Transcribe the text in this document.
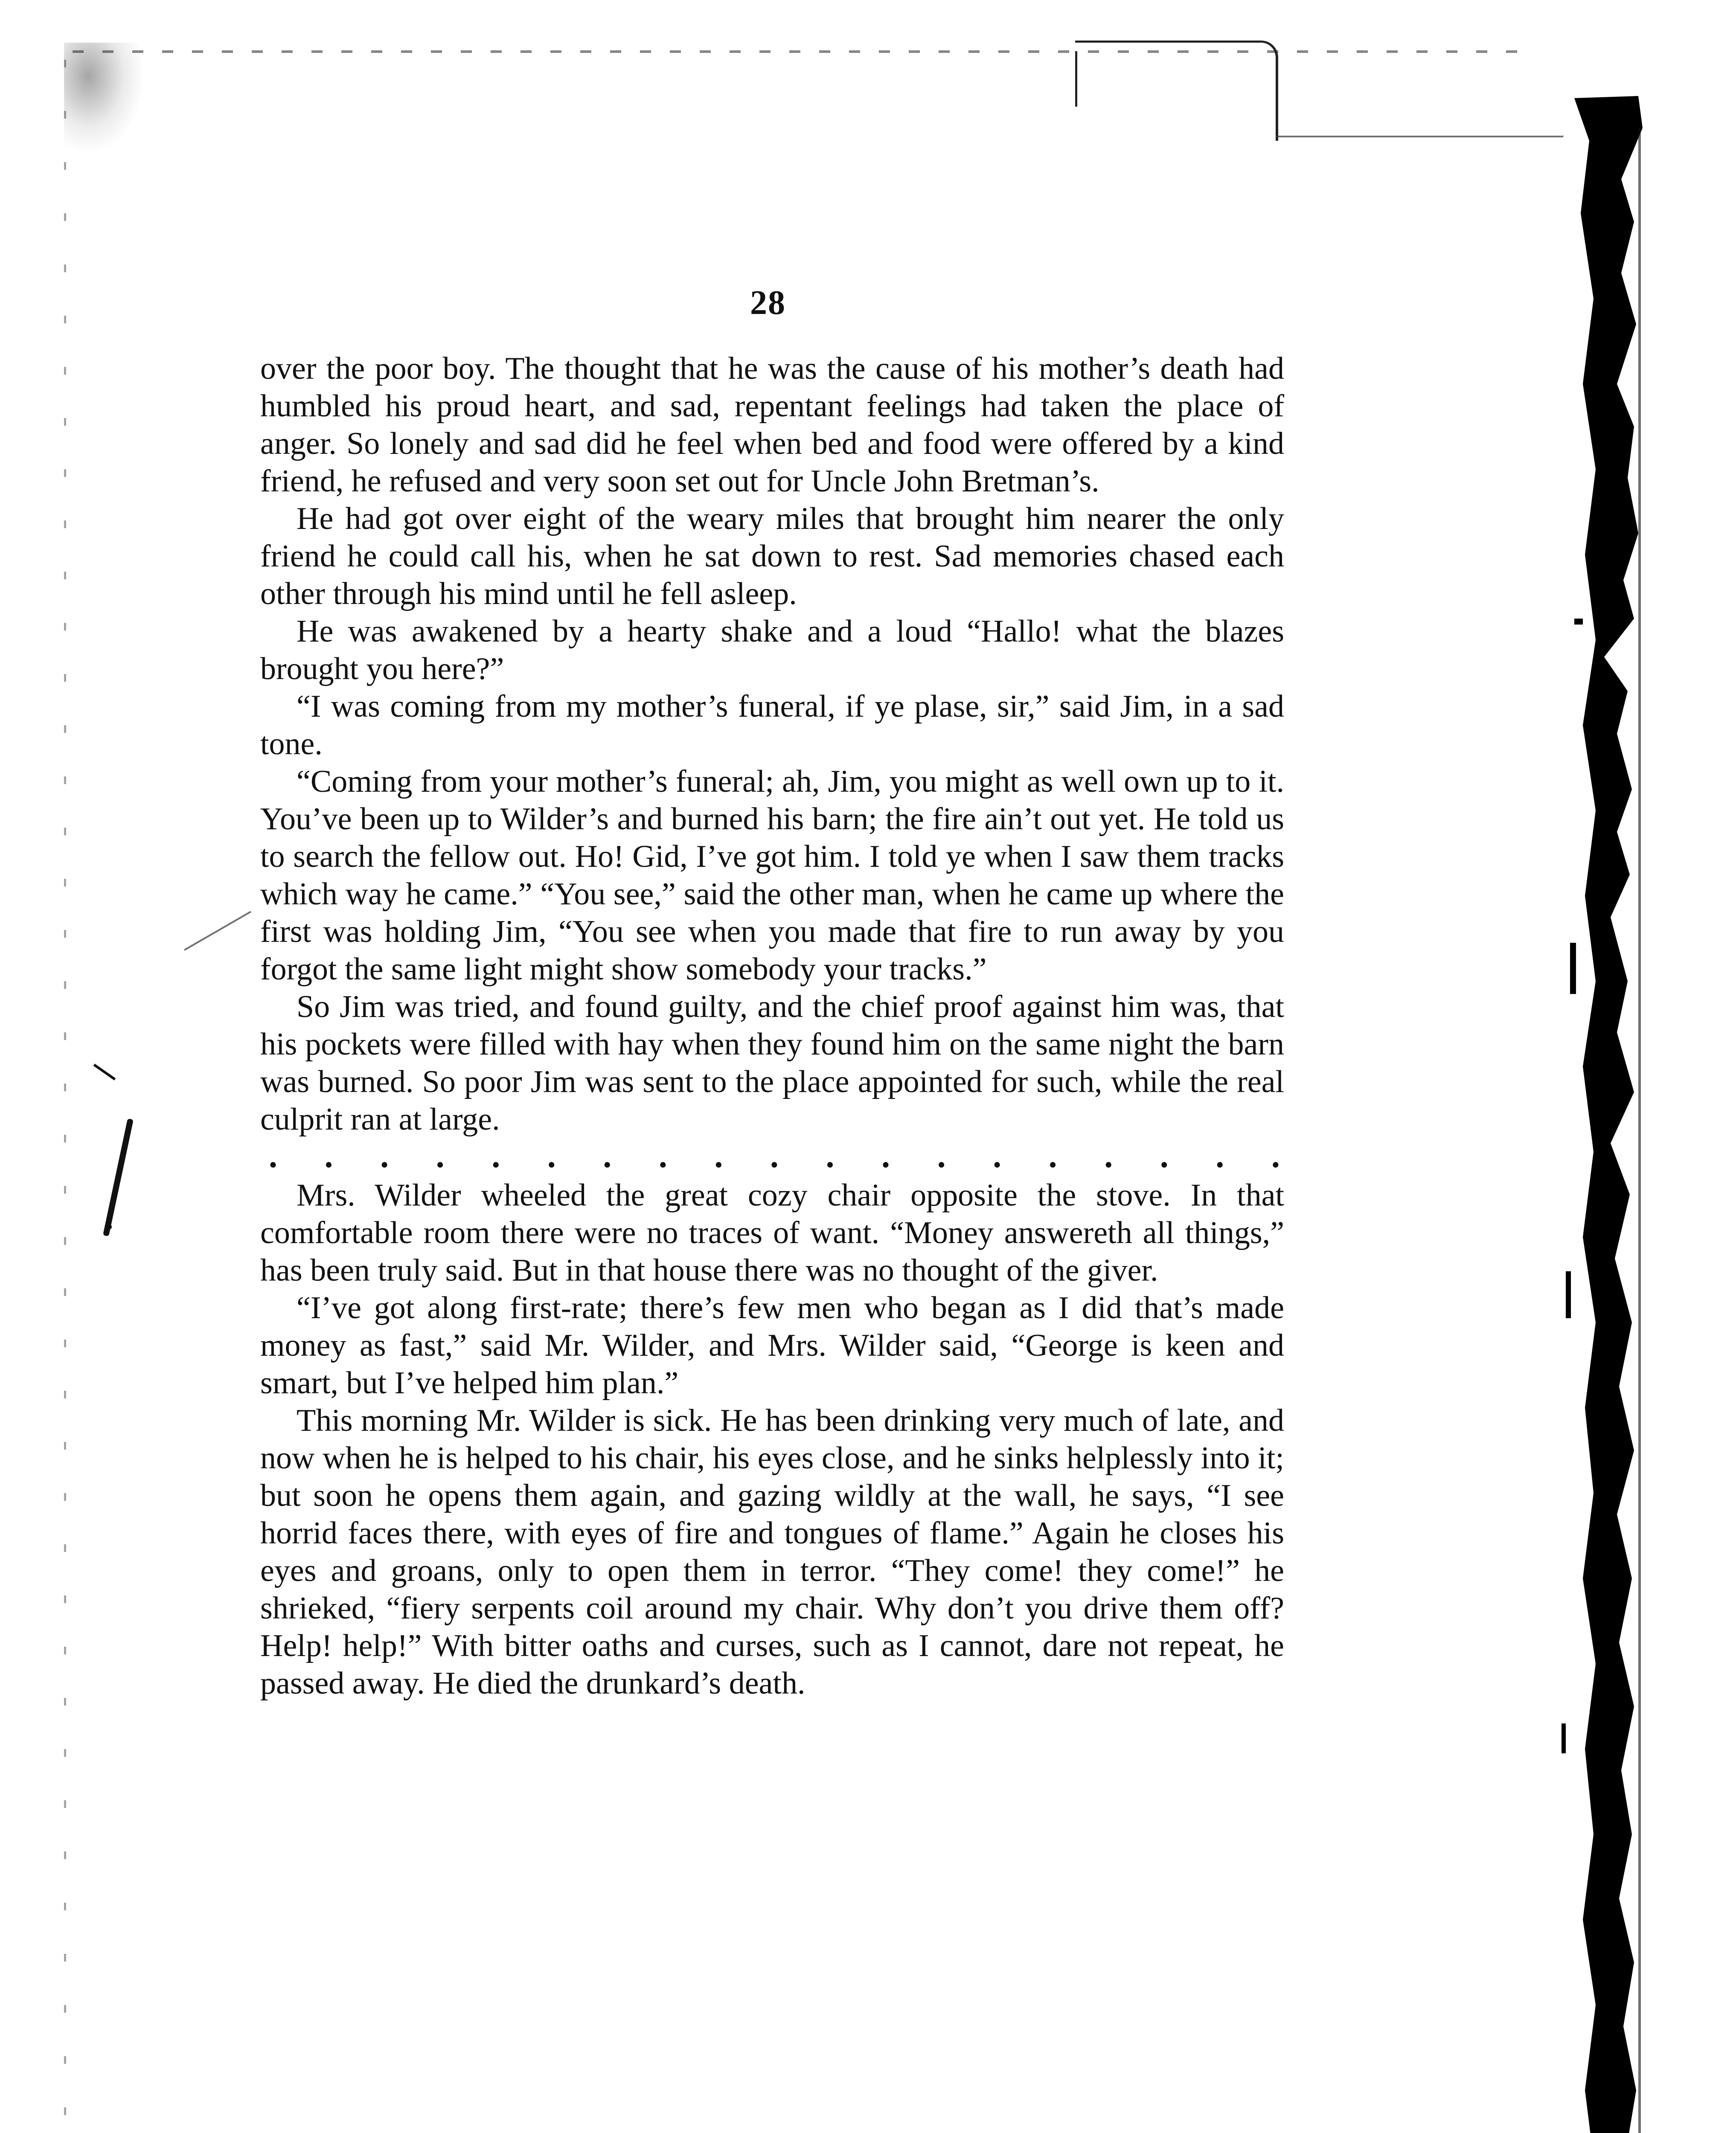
28

over the poor boy. The thought that he was the cause of his mother’s death had humbled his proud heart, and sad, repentant feelings had taken the place of anger. So lonely and sad did he feel when bed and food were offered by a kind friend, he refused and very soon set out for Uncle John Bretman’s.

He had got over eight of the weary miles that brought him nearer the only friend he could call his, when he sat down to rest. Sad memories chased each other through his mind until he fell asleep.

He was awakened by a hearty shake and a loud “Hallo! what the blazes brought you here?”

“I was coming from my mother’s funeral, if ye plase, sir,” said Jim, in a sad tone.

“Coming from your mother’s funeral; ah, Jim, you might as well own up to it. You’ve been up to Wilder’s and burned his barn; the fire ain’t out yet. He told us to search the fellow out. Ho! Gid, I’ve got him. I told ye when I saw them tracks which way he came.” “You see,” said the other man, when he came up where the first was holding Jim, “You see when you made that fire to run away by you forgot the same light might show somebody your tracks.”

So Jim was tried, and found guilty, and the chief proof against him was, that his pockets were filled with hay when they found him on the same night the barn was burned. So poor Jim was sent to the place appointed for such, while the real culprit ran at large.

. . . . . . . . . . . . . . . . . . .

Mrs. Wilder wheeled the great cozy chair opposite the stove. In that comfortable room there were no traces of want. “Money answereth all things,” has been truly said. But in that house there was no thought of the giver.

“I’ve got along first-rate; there’s few men who began as I did that’s made money as fast,” said Mr. Wilder, and Mrs. Wilder said, “George is keen and smart, but I’ve helped him plan.”

This morning Mr. Wilder is sick. He has been drinking very much of late, and now when he is helped to his chair, his eyes close, and he sinks helplessly into it; but soon he opens them again, and gazing wildly at the wall, he says, “I see horrid faces there, with eyes of fire and tongues of flame.” Again he closes his eyes and groans, only to open them in terror. “They come! they come!” he shrieked, “fiery serpents coil around my chair. Why don’t you drive them off? Help! help!” With bitter oaths and curses, such as I cannot, dare not repeat, he passed away. He died the drunkard’s death.
